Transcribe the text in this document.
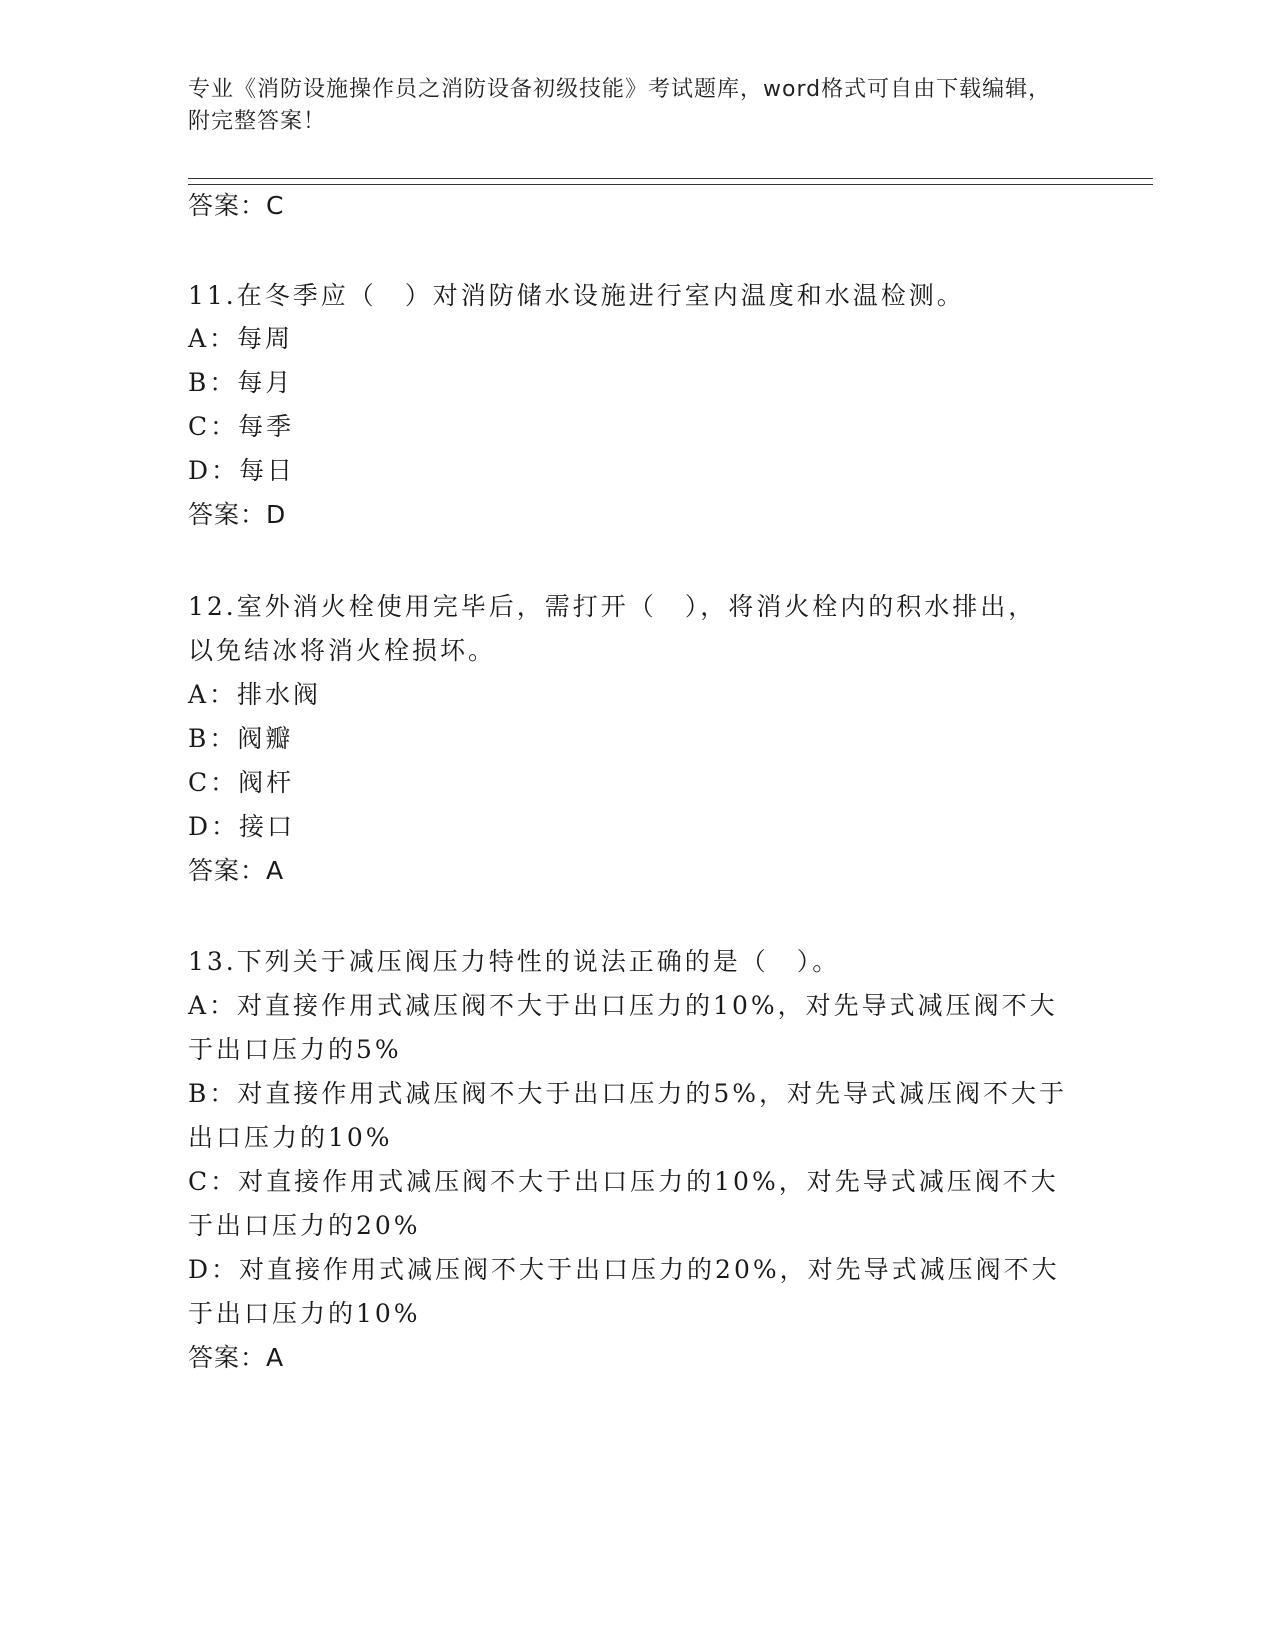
专业《消防设施操作员之消防设备初级技能》考试题库，word格式可自由下载编辑，附完整答案！
答案：C
11.在冬季应（　）对消防储水设施进行室内温度和水温检测。
A：每周
B：每月
C：每季
D：每日
答案：D
12.室外消火栓使用完毕后，需打开（　），将消火栓内的积水排出，
以免结冰将消火栓损坏。
A：排水阀
B：阀瓣
C：阀杆
D：接口
答案：A
13.下列关于减压阀压力特性的说法正确的是（　）。
A：对直接作用式减压阀不大于出口压力的10%，对先导式减压阀不大
于出口压力的5%
B：对直接作用式减压阀不大于出口压力的5%，对先导式减压阀不大于
出口压力的10%
C：对直接作用式减压阀不大于出口压力的10%，对先导式减压阀不大
于出口压力的20%
D：对直接作用式减压阀不大于出口压力的20%，对先导式减压阀不大
于出口压力的10%
答案：A
